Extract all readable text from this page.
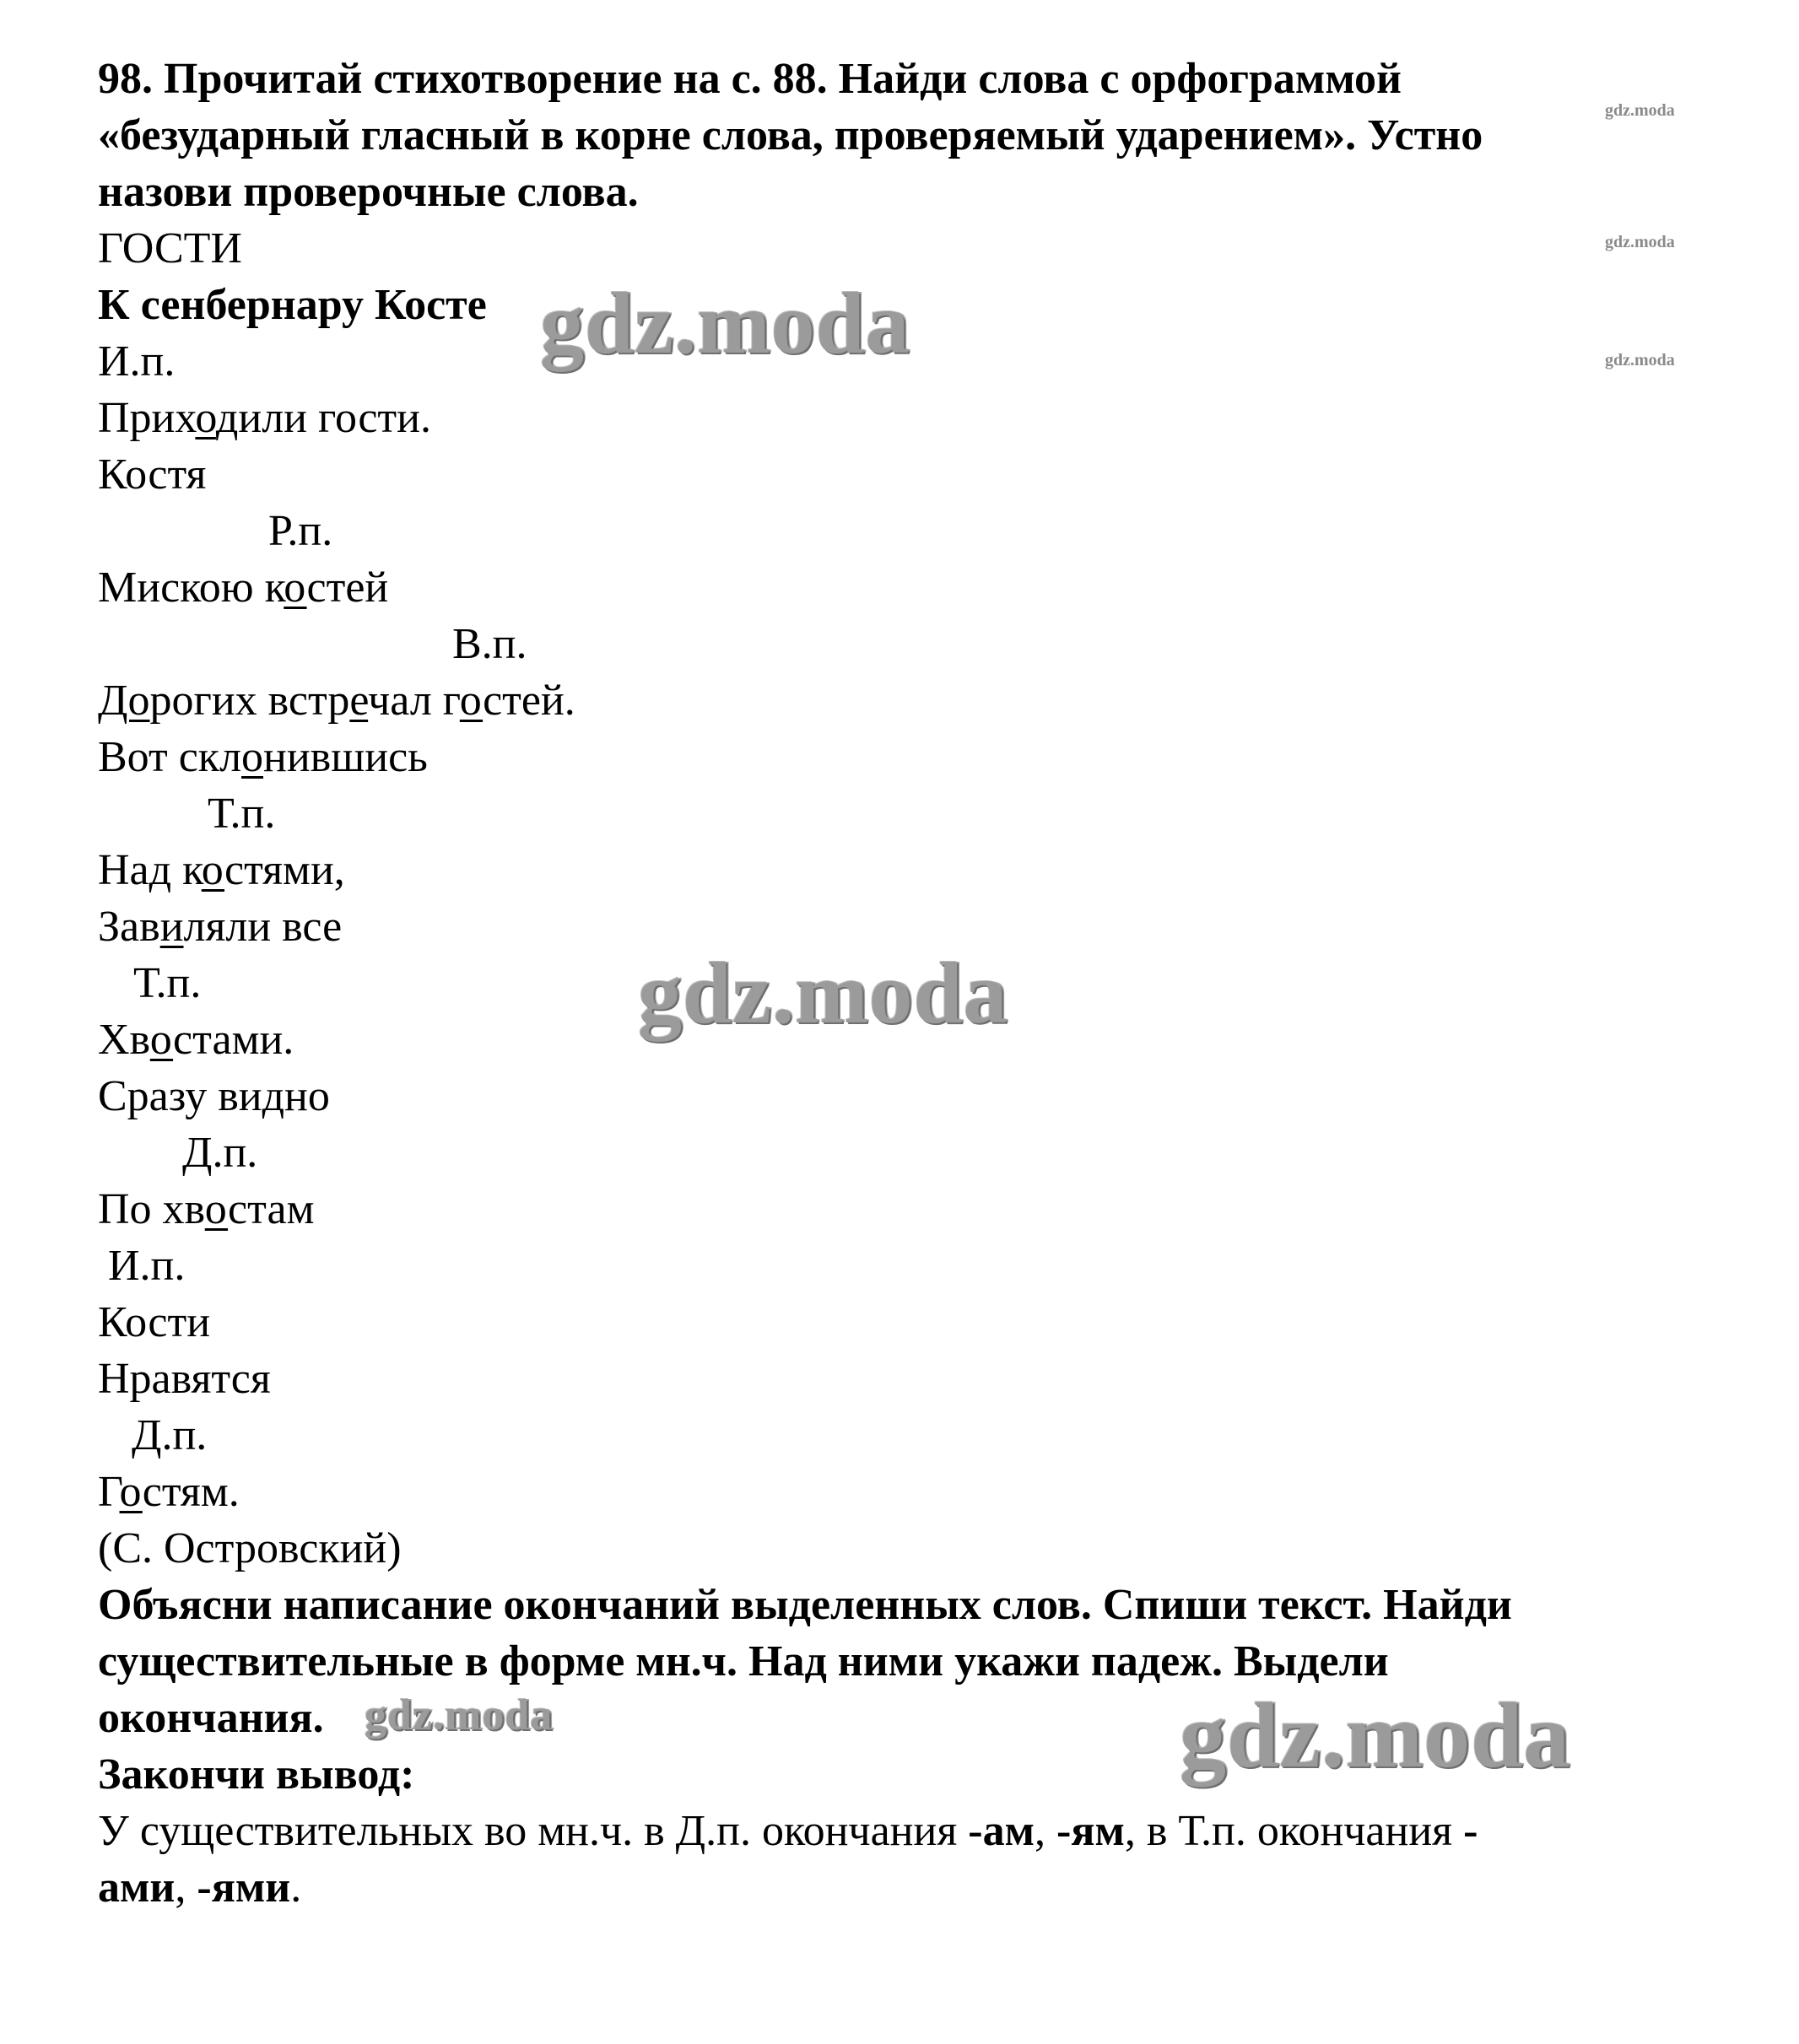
98. Прочитай стихотворение на с. 88. Найди слова с орфограммой

«безударный гласный в корне слова, проверяемый ударением». Устно

назови проверочные слова.

ГОСТИ

К сенбернару Косте

И.п.

Приходили гости.

Костя

Р.п.

Мискою костей

В.п.

Дорогих встречал гостей.

Вот склонившись

Т.п.

Над костями,

Завиляли все

Т.п.

Хвостами.

Сразу видно

Д.п.

По хвостам

И.п.

Кости

Нравятся

Д.п.

Гостям.

(С. Островский)

Объясни написание окончаний выделенных слов. Спиши текст. Найди

существительные в форме мн.ч. Над ними укажи падеж. Выдели

окончания.

Закончи вывод:

У существительных во мн.ч. в Д.п. окончания -ам, -ям, в Т.п. окончания -

ами, -ями.

gdz.moda
gdz.moda
gdz.moda
gdz.moda
gdz.moda
gdz.moda	gdz.moda
